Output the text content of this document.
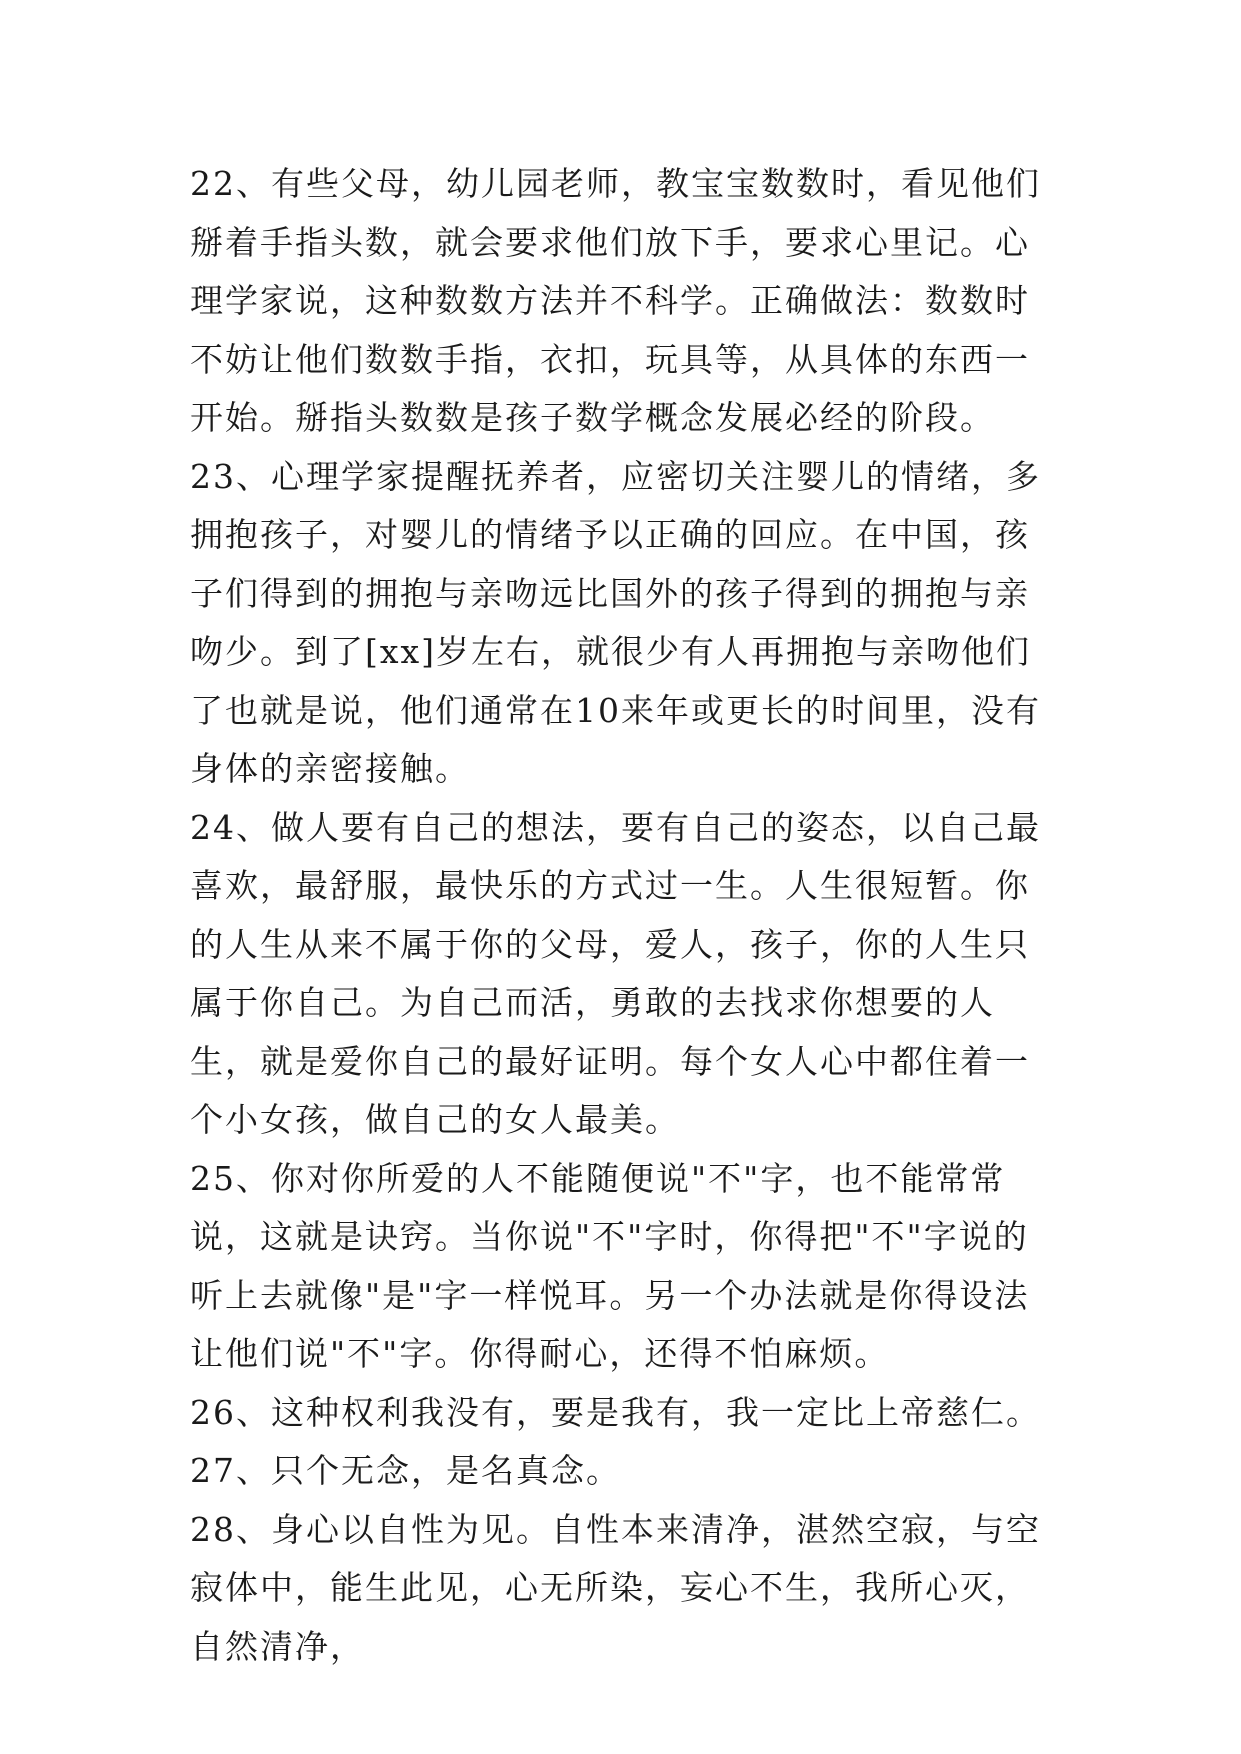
22、有些父母，幼儿园老师，教宝宝数数时，看见他们掰着手指头数，就会要求他们放下手，要求心里记。心理学家说，这种数数方法并不科学。正确做法：数数时不妨让他们数数手指，衣扣，玩具等，从具体的东西一开始。掰指头数数是孩子数学概念发展必经的阶段。

23、心理学家提醒抚养者，应密切关注婴儿的情绪，多拥抱孩子，对婴儿的情绪予以正确的回应。在中国，孩子们得到的拥抱与亲吻远比国外的孩子得到的拥抱与亲吻少。到了[xx]岁左右，就很少有人再拥抱与亲吻他们了也就是说，他们通常在10来年或更长的时间里，没有身体的亲密接触。

24、做人要有自己的想法，要有自己的姿态，以自己最喜欢，最舒服，最快乐的方式过一生。人生很短暂。你的人生从来不属于你的父母，爱人，孩子，你的人生只属于你自己。为自己而活，勇敢的去找求你想要的人生，就是爱你自己的最好证明。每个女人心中都住着一个小女孩，做自己的女人最美。

25、你对你所爱的人不能随便说"不"字，也不能常常说，这就是诀窍。当你说"不"字时，你得把"不"字说的听上去就像"是"字一样悦耳。另一个办法就是你得设法让他们说"不"字。你得耐心，还得不怕麻烦。

26、这种权利我没有，要是我有，我一定比上帝慈仁。

27、只个无念，是名真念。

28、身心以自性为见。自性本来清净，湛然空寂，与空寂体中，能生此见，心无所染，妄心不生，我所心灭，自然清净，
